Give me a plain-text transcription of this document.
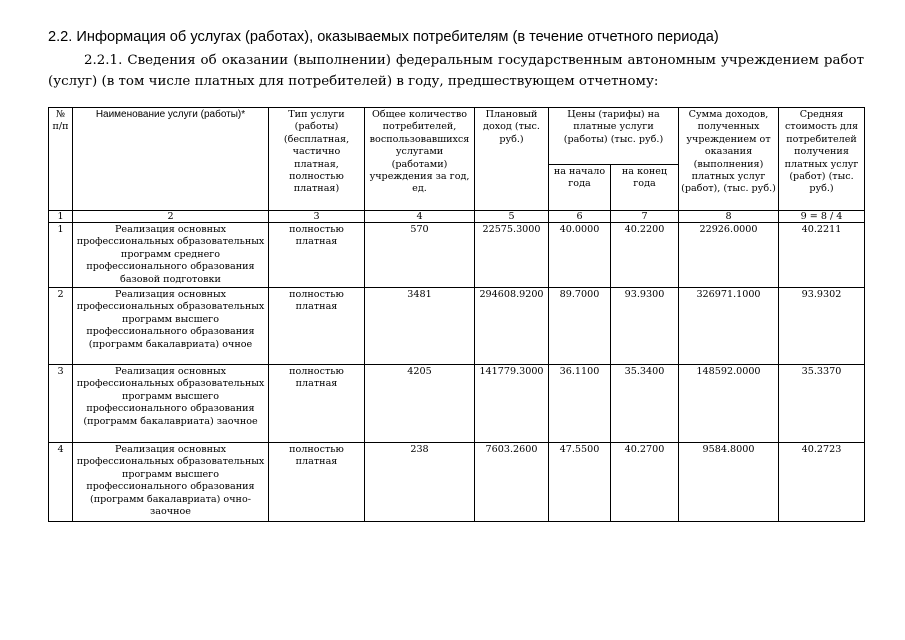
2.2. Информация об услугах (работах), оказываемых потребителям (в течение отчетного периода)
2.2.1. Сведения об оказании (выполнении) федеральным государственным автономным учреждением работ (услуг) (в том числе платных для потребителей) в году, предшествующем отчетному:
№ п/п	Наименование услуги (работы)*	Тип услуги (работы) (бесплатная, частично платная, полностью платная)	Общее количество потребителей, воспользовавшихся услугами (работами) учреждения за год, ед.	Плановый доход (тыс. руб.)	Цены (тарифы) на платные услуги (работы) (тыс. руб.)		Сумма доходов, полученных учреждением от оказания (выполнения) платных услуг (работ), (тыс. руб.)	Средняя стоимость для потребителей получения платных услуг (работ) (тыс. руб.)
					на начало года	на конец года		
1	2	3	4	5	6	7	8	9 = 8 / 4
1	Реализация основных профессиональных образовательных программ среднего профессионального образования базовой подготовки	полностью платная	570	22575.3000	40.0000	40.2200	22926.0000	40.2211
2	Реализация основных профессиональных образовательных программ высшего профессионального образования (программ бакалавриата) очное	полностью платная	3481	294608.9200	89.7000	93.9300	326971.1000	93.9302
3	Реализация основных профессиональных образовательных программ высшего профессионального образования (программ бакалавриата) заочное	полностью платная	4205	141779.3000	36.1100	35.3400	148592.0000	35.3370
4	Реализация основных профессиональных образовательных программ высшего профессионального образования (программ бакалавриата) очно-заочное	полностью платная	238	7603.2600	47.5500	40.2700	9584.8000	40.2723
